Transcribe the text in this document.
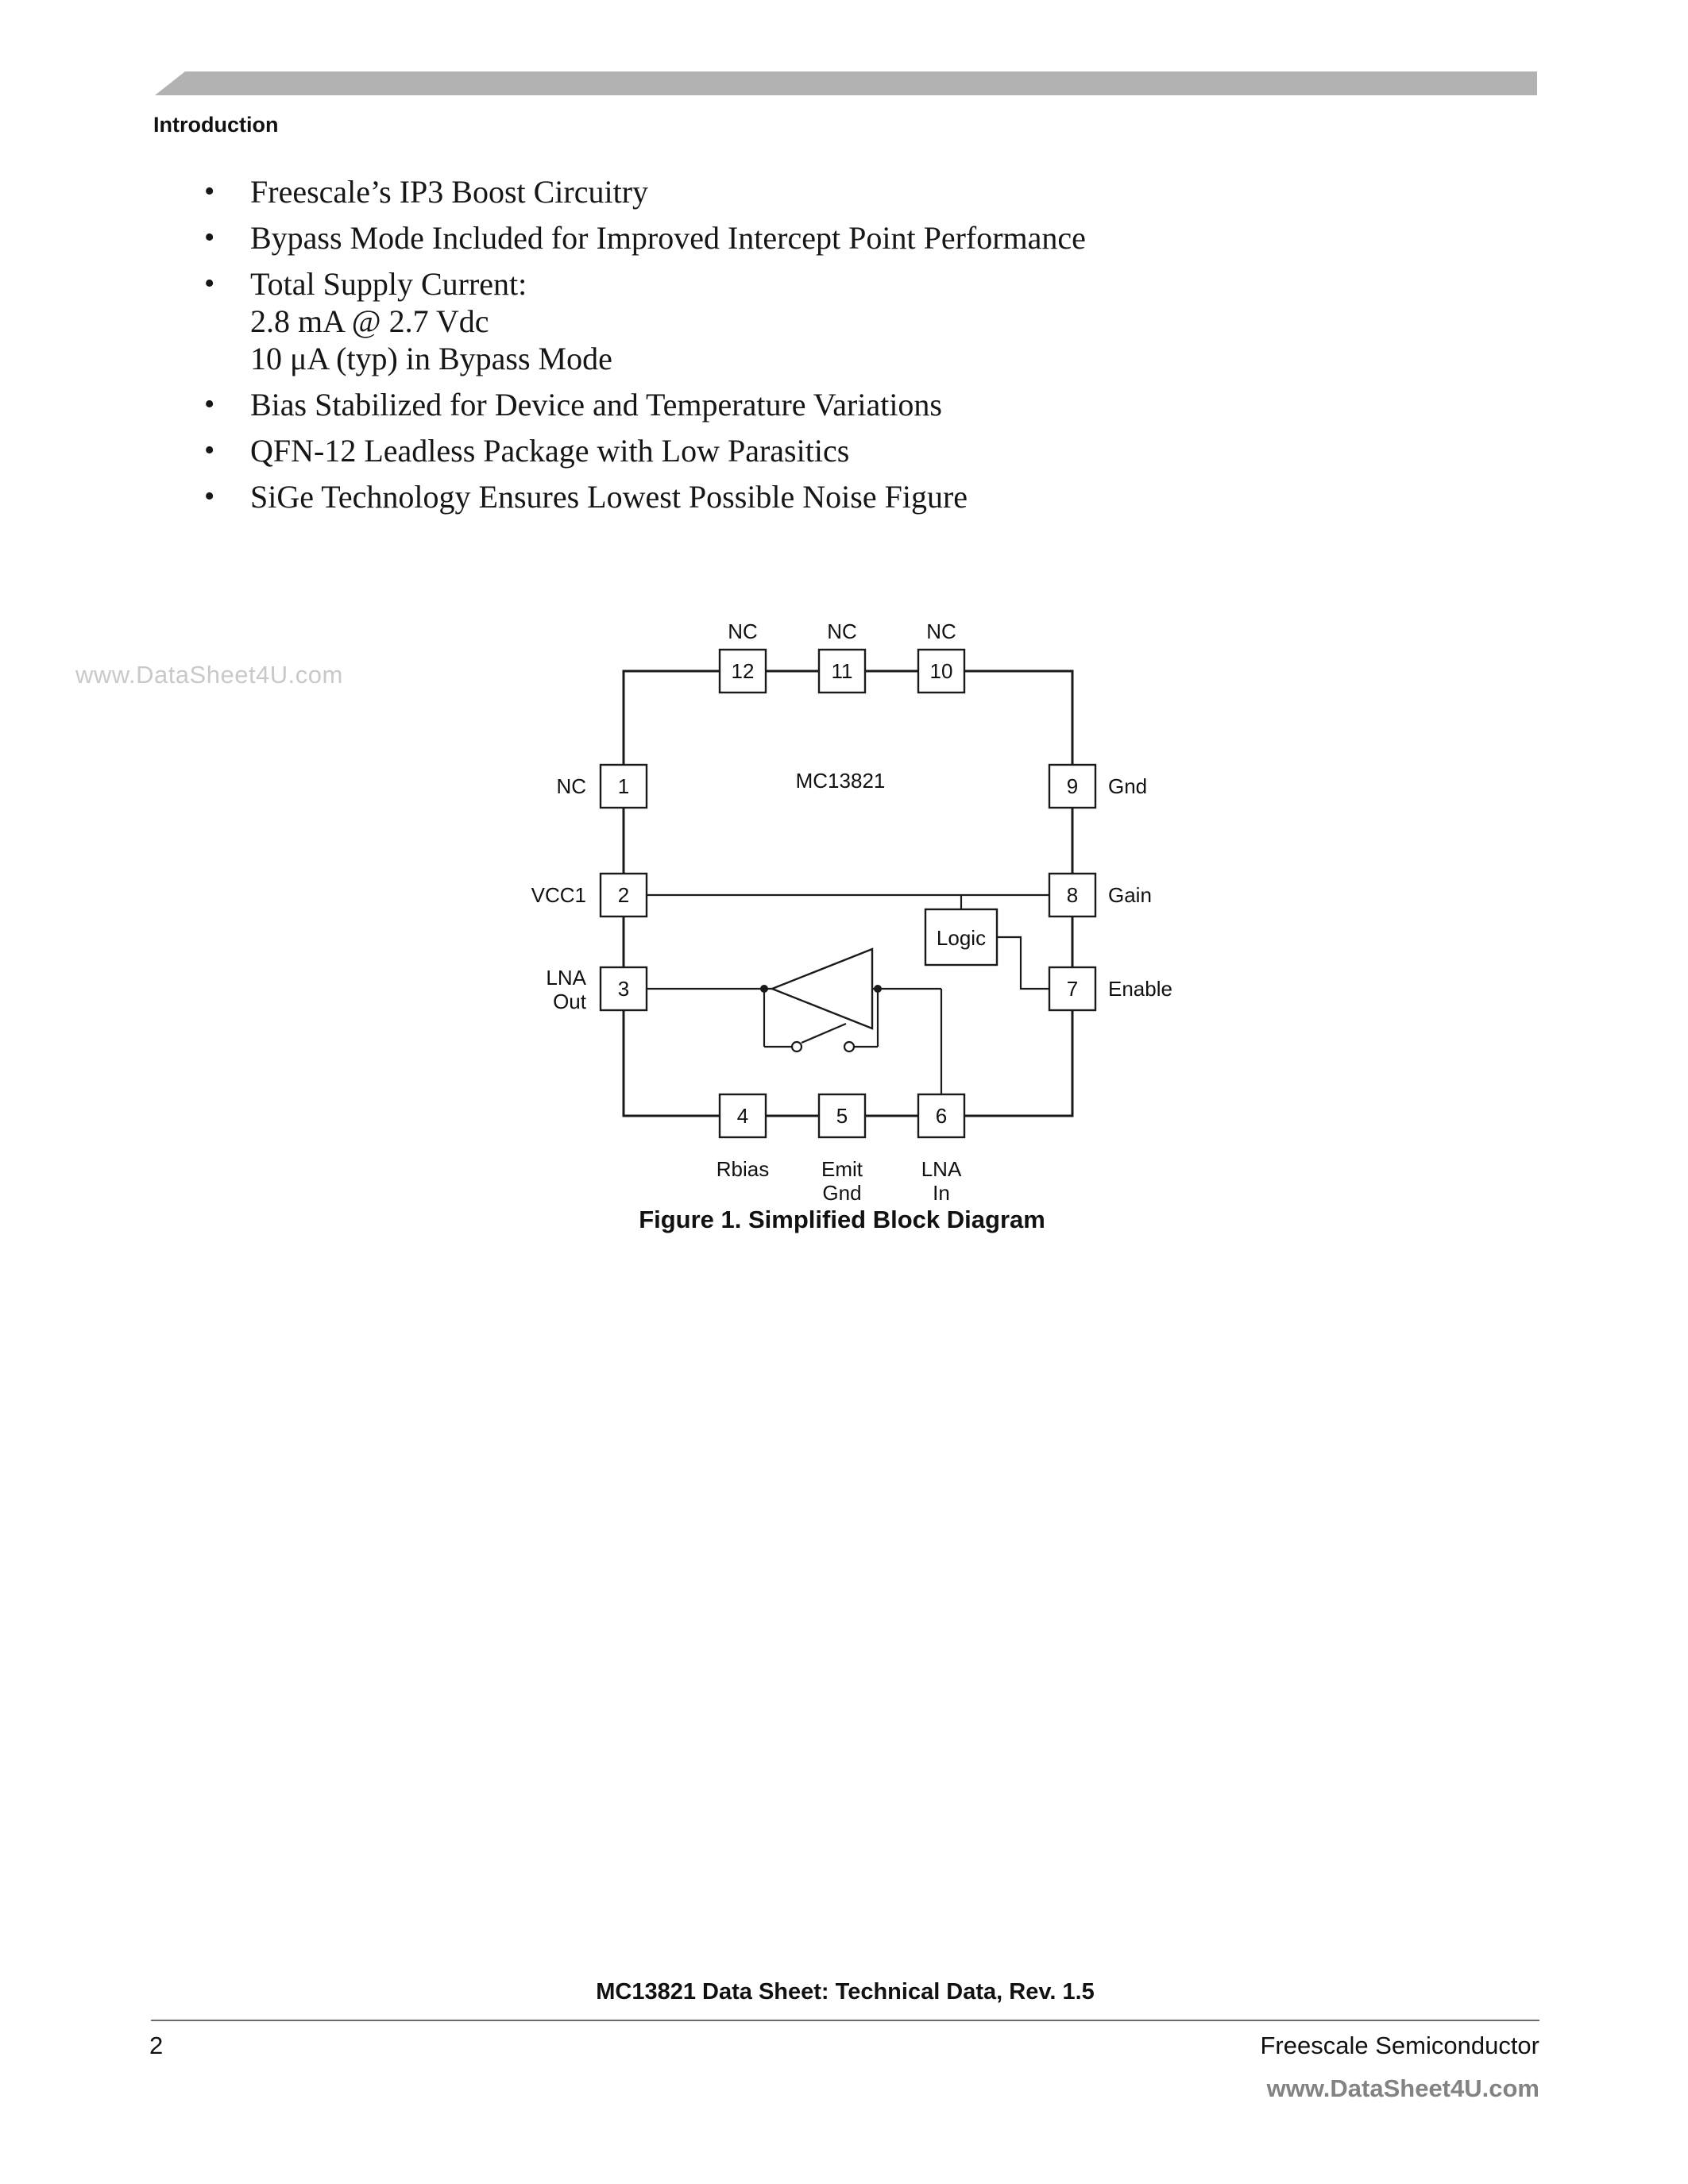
Introduction
• Freescale’s IP3 Boost Circuitry
• Bypass Mode Included for Improved Intercept Point Performance
• Total Supply Current:
2.8 mA @ 2.7 Vdc
10 μA (typ) in Bypass Mode
• Bias Stabilized for Device and Temperature Variations
• QFN-12 Leadless Package with Low Parasitics
• SiGe Technology Ensures Lowest Possible Noise Figure
www.DataSheet4U.com
Logic
MC13821
12
NC
11
NC
10
NC
1
NC
2
VCC1
3
LNA
Out
9 Gnd
8 Gain
7 Enable
4
Rbias
5
Emit
Gnd
6
LNA
In
Figure 1. Simplified Block Diagram
MC13821 Data Sheet: Technical Data, Rev. 1.5
2	Freescale Semiconductor
www.DataSheet4U.com
